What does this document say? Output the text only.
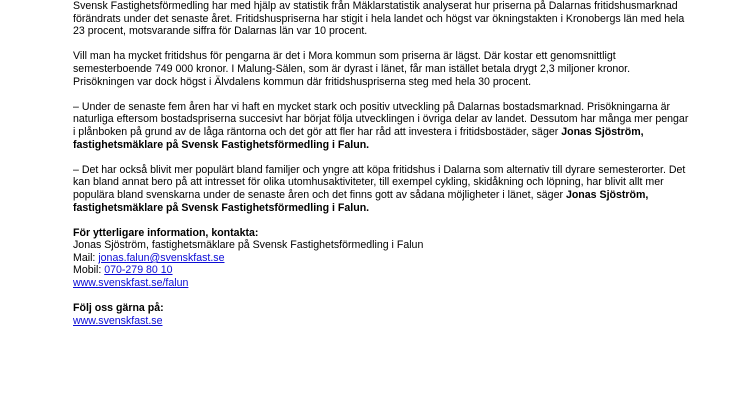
Svensk Fastighetsförmedling har med hjälp av statistik från Mäklarstatistik analyserat hur priserna på Dalarnas fritidshusmarknad förändrats under det senaste året. Fritidshuspriserna har stigit i hela landet och högst var ökningstakten i Kronobergs län med hela 23 procent, motsvarande siffra för Dalarnas län var 10 procent.

Vill man ha mycket fritidshus för pengarna är det i Mora kommun som priserna är lägst. Där kostar ett genomsnittligt semesterboende 749 000 kronor. I Malung-Sälen, som är dyrast i länet, får man istället betala drygt 2,3 miljoner kronor. Prisökningen var dock högst i Älvdalens kommun där fritidshuspriserna steg med hela 30 procent.

– Under de senaste fem åren har vi haft en mycket stark och positiv utveckling på Dalarnas bostadsmarknad. Prisökningarna är naturliga eftersom bostadspriserna succesivt har börjat följa utvecklingen i övriga delar av landet. Dessutom har många mer pengar i plånboken på grund av de låga räntorna och det gör att fler har råd att investera i fritidsbostäder, säger Jonas Sjöström, fastighetsmäklare på Svensk Fastighetsförmedling i Falun.

– Det har också blivit mer populärt bland familjer och yngre att köpa fritidshus i Dalarna som alternativ till dyrare semesterorter. Det kan bland annat bero på att intresset för olika utomhusaktiviteter, till exempel cykling, skidåkning och löpning, har blivit allt mer populära bland svenskarna under de senaste åren och det finns gott av sådana möjligheter i länet, säger Jonas Sjöström, fastighetsmäklare på Svensk Fastighetsförmedling i Falun.

För ytterligare information, kontakta:

Jonas Sjöström, fastighetsmäklare på Svensk Fastighetsförmedling i Falun

Mail: jonas.falun@svenskfast.se

Mobil: 070-279 80 10

www.svenskfast.se/falun

Följ oss gärna på:

www.svenskfast.se
